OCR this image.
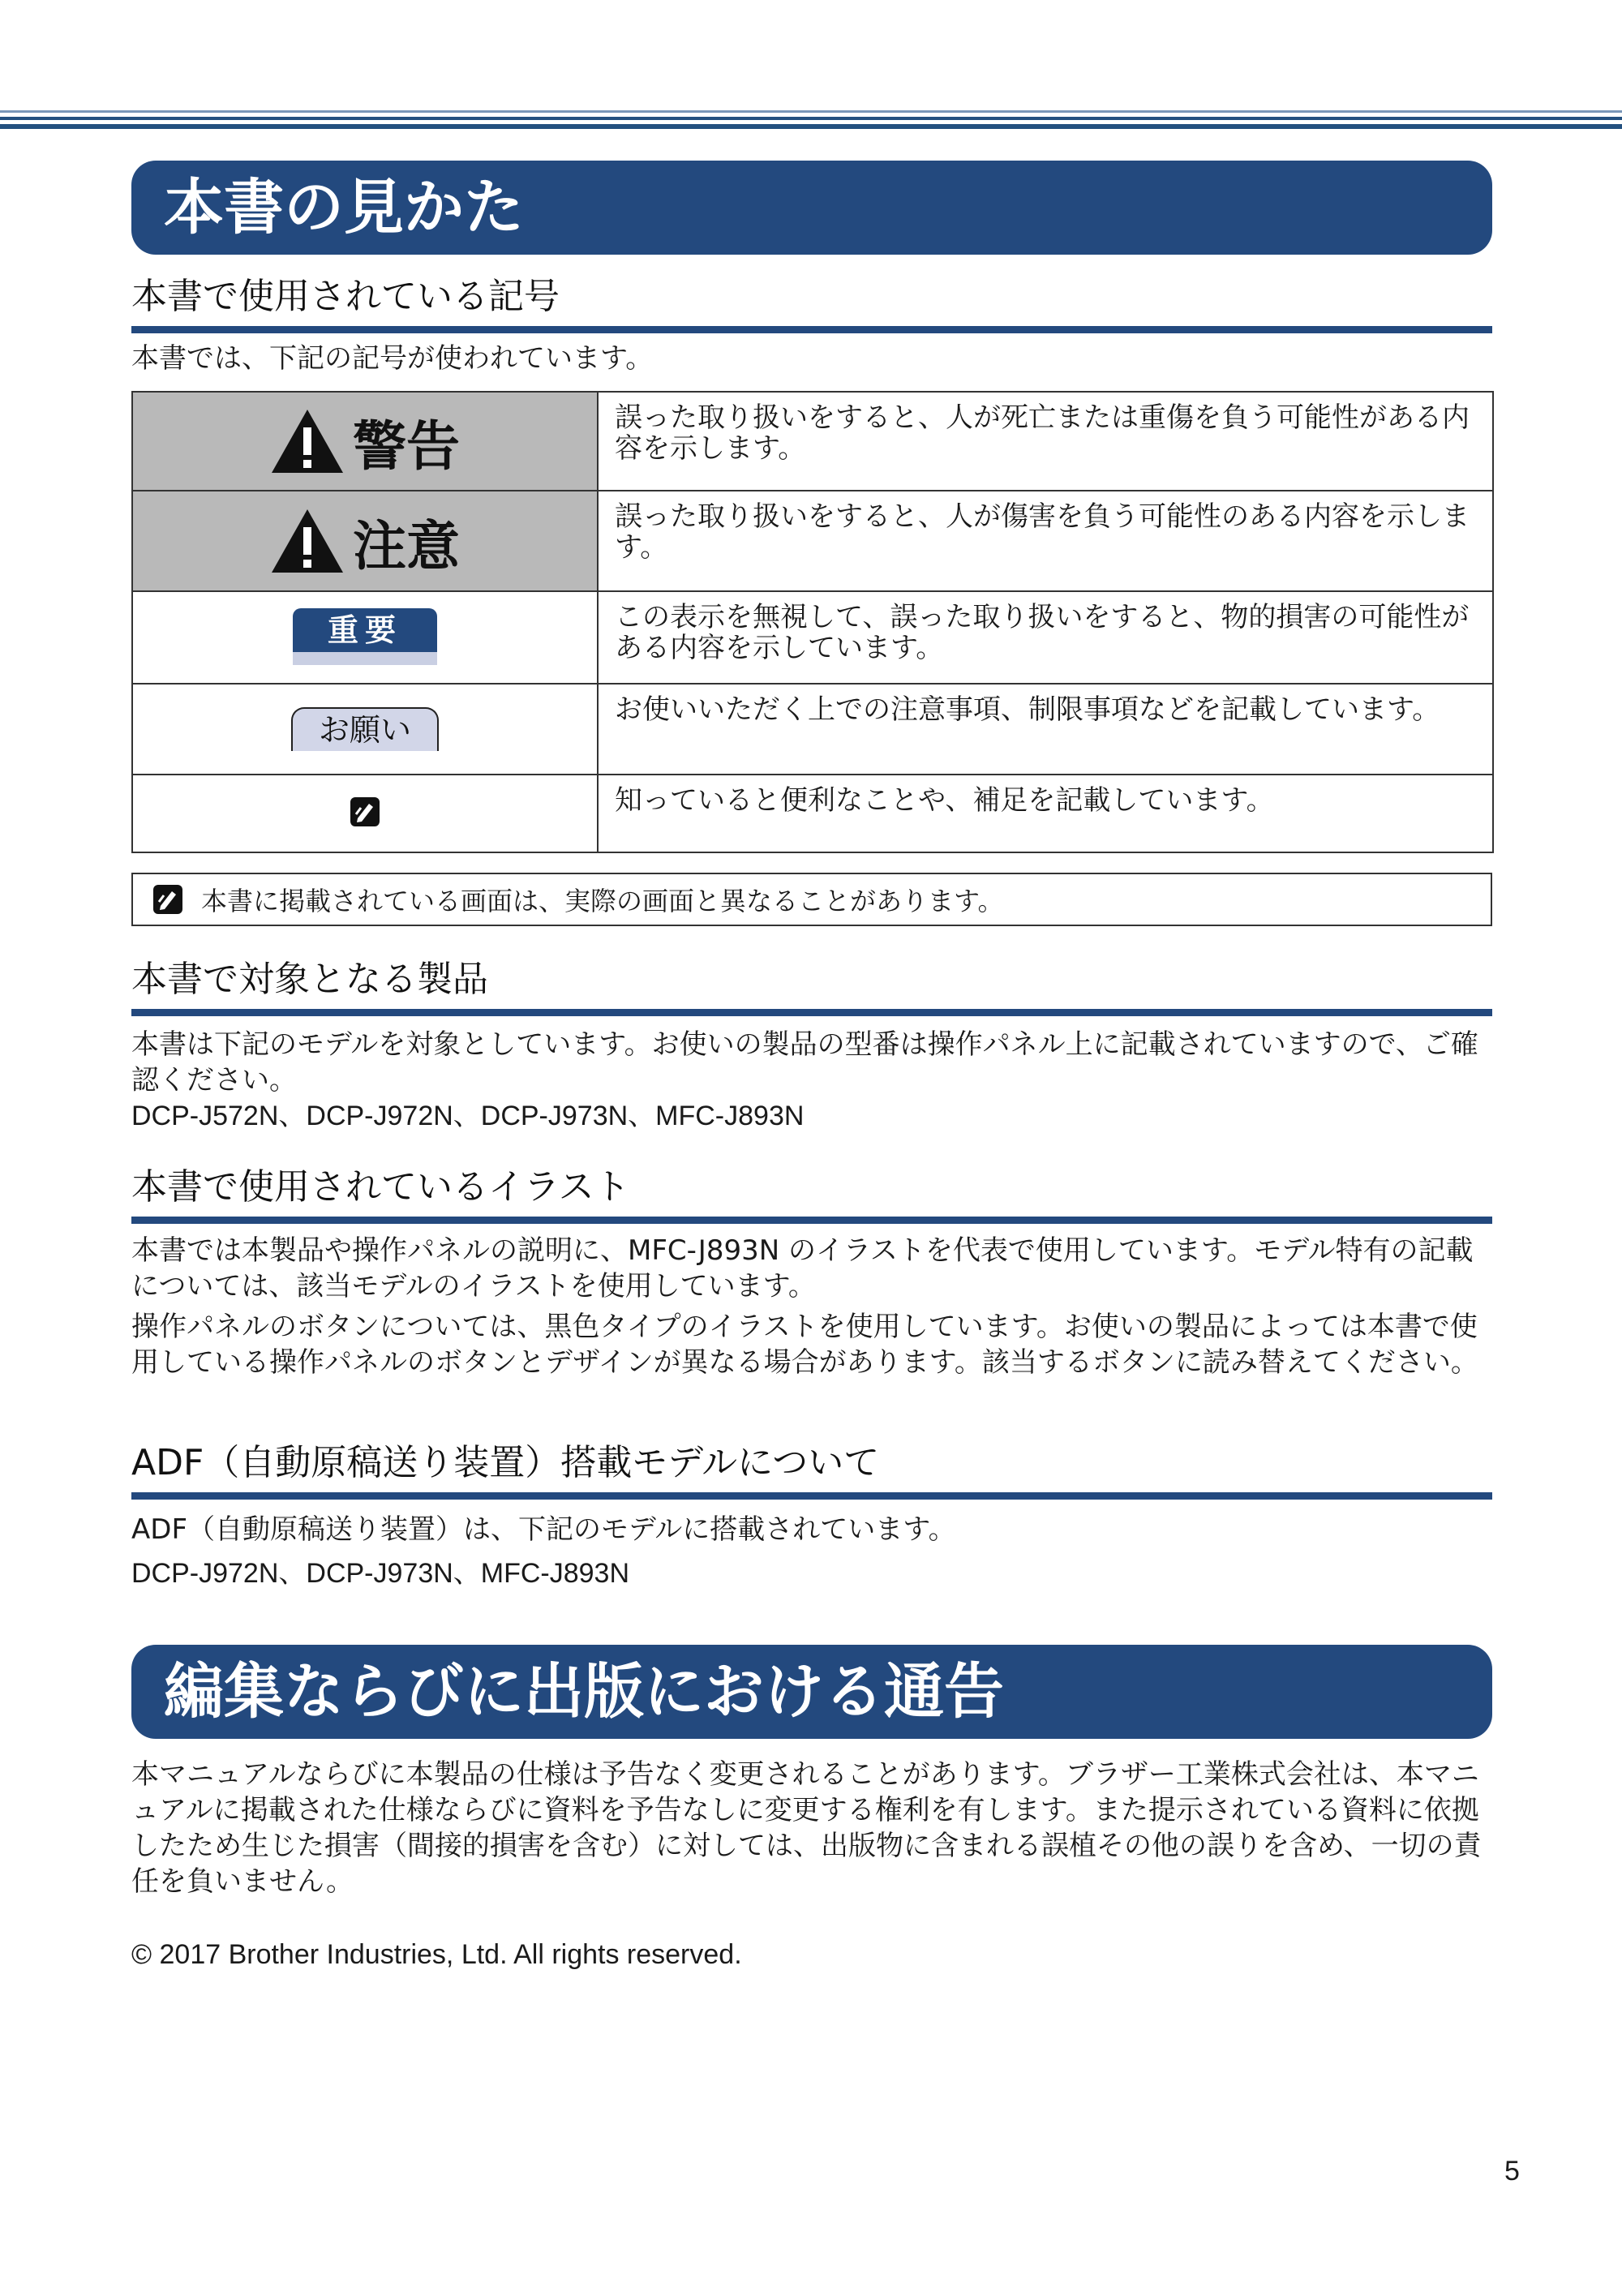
本書の見かた
本書で使用されている記号
本書では、下記の記号が使われています。
警告	誤った取り扱いをすると、人が死亡または重傷を負う可能性がある内容を示します。

注意	誤った取り扱いをすると、人が傷害を負う可能性のある内容を示します。

重要	この表示を無視して、誤った取り扱いをすると、物的損害の可能性がある内容を示しています。
お願い	お使いいただく上での注意事項、制限事項などを記載しています。
	知っていると便利なことや、補足を記載しています。
本書に掲載されている画面は、実際の画面と異なることがあります。
本書で対象となる製品
本書は下記のモデルを対象としています。お使いの製品の型番は操作パネル上に記載されていますので、ご確認ください。
DCP-J572N、DCP-J972N、DCP-J973N、MFC-J893N
本書で使用されているイラスト
本書では本製品や操作パネルの説明に、MFC-J893N のイラストを代表で使用しています。モデル特有の記載については、該当モデルのイラストを使用しています。
操作パネルのボタンについては、黒色タイプのイラストを使用しています。お使いの製品によっては本書で使用している操作パネルのボタンとデザインが異なる場合があります。該当するボタンに読み替えてください。
ADF（自動原稿送り装置）搭載モデルについて
ADF（自動原稿送り装置）は、下記のモデルに搭載されています。
DCP-J972N、DCP-J973N、MFC-J893N
編集ならびに出版における通告
本マニュアルならびに本製品の仕様は予告なく変更されることがあります。ブラザー工業株式会社は、本マニュアルに掲載された仕様ならびに資料を予告なしに変更する権利を有します。また提示されている資料に依拠したため生じた損害（間接的損害を含む）に対しては、出版物に含まれる誤植その他の誤りを含め、一切の責任を負いません。
© 2017 Brother Industries, Ltd. All rights reserved.
5
